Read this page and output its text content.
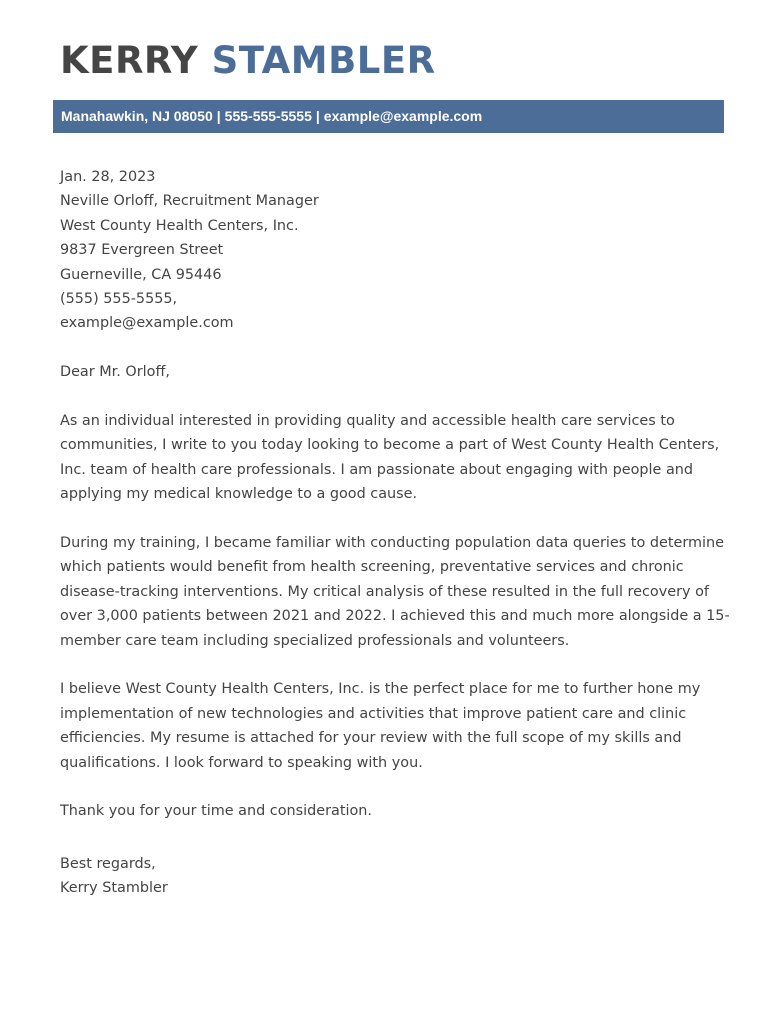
KERRY STAMBLER
Manahawkin, NJ 08050 | 555-555-5555 | example@example.com
Jan. 28, 2023
Neville Orloff, Recruitment Manager
West County Health Centers, Inc.
9837 Evergreen Street
Guerneville, CA 95446
(555) 555-5555,
example@example.com
Dear Mr. Orloff,

As an individual interested in providing quality and accessible health care services to communities, I write to you today looking to become a part of West County Health Centers, Inc. team of health care professionals. I am passionate about engaging with people and applying my medical knowledge to a good cause.

During my training, I became familiar with conducting population data queries to determine which patients would benefit from health screening, preventative services and chronic disease-tracking interventions. My critical analysis of these resulted in the full recovery of over 3,000 patients between 2021 and 2022. I achieved this and much more alongside a 15-member care team including specialized professionals and volunteers.

I believe West County Health Centers, Inc. is the perfect place for me to further hone my implementation of new technologies and activities that improve patient care and clinic efficiencies. My resume is attached for your review with the full scope of my skills and qualifications. I look forward to speaking with you.

Thank you for your time and consideration.

Best regards,
Kerry Stambler
